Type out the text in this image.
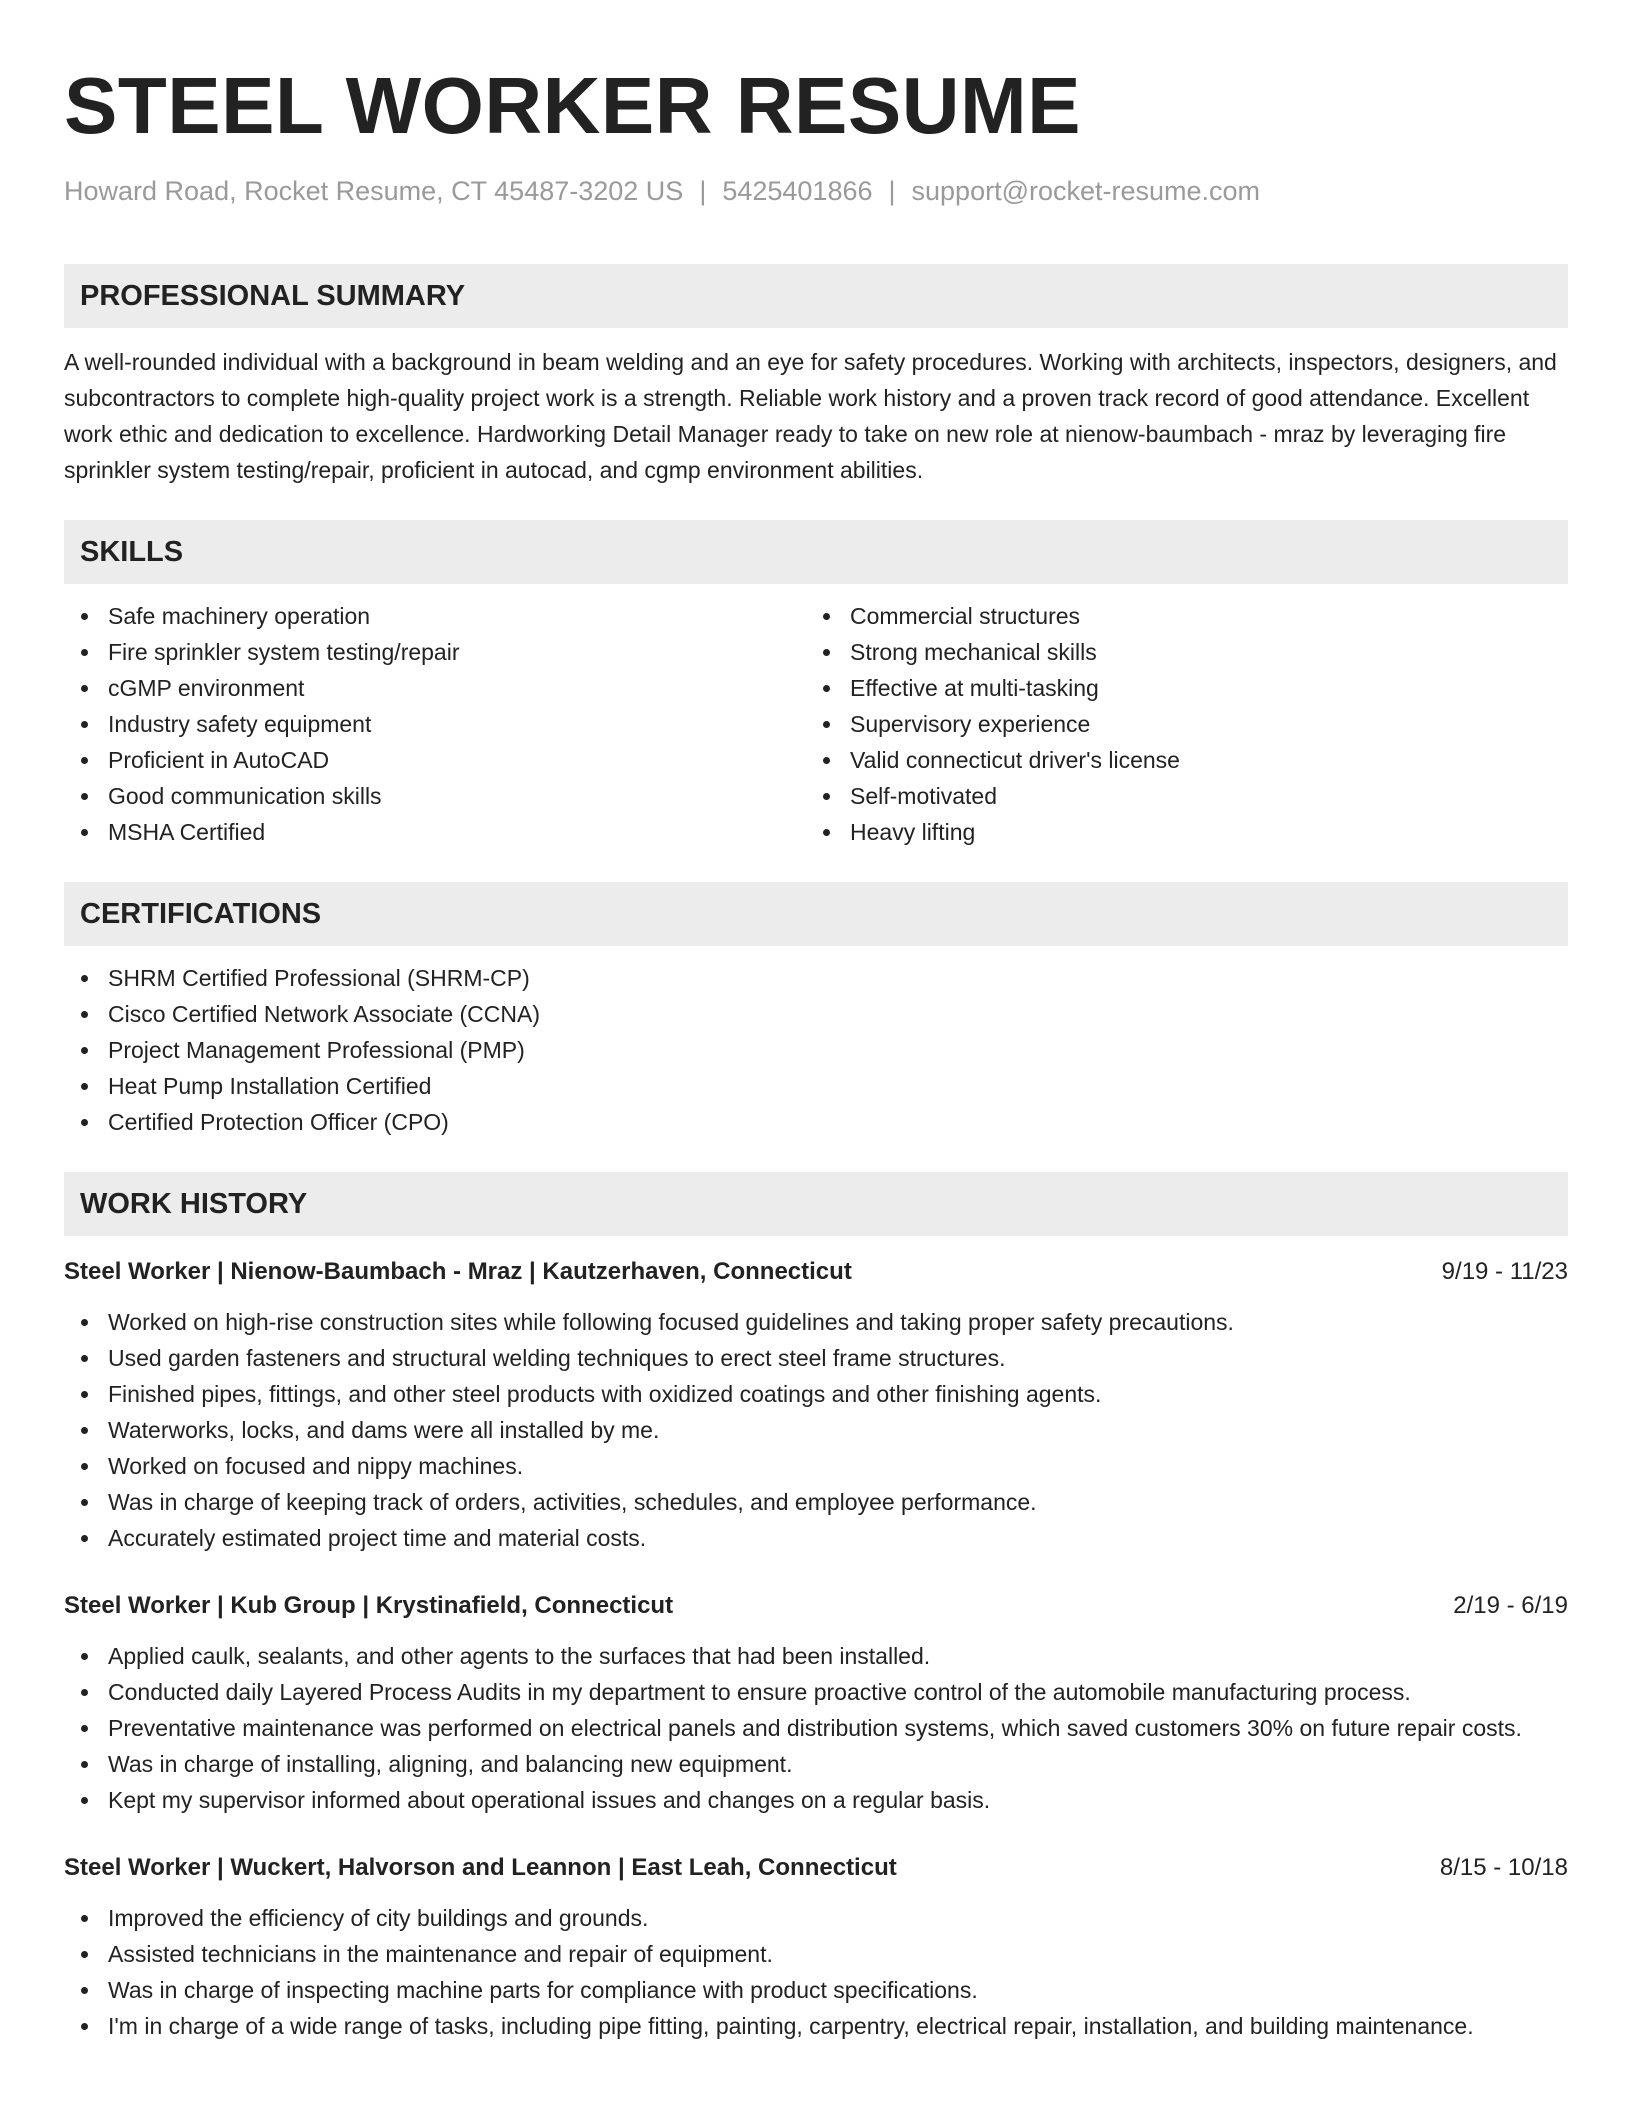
STEEL WORKER RESUME
Howard Road, Rocket Resume, CT 45487-3202 US | 5425401866 | support@rocket-resume.com
PROFESSIONAL SUMMARY

A well-rounded individual with a background in beam welding and an eye for safety procedures. Working with architects, inspectors, designers, and subcontractors to complete high-quality project work is a strength. Reliable work history and a proven track record of good attendance. Excellent work ethic and dedication to excellence. Hardworking Detail Manager ready to take on new role at nienow-baumbach - mraz by leveraging fire sprinkler system testing/repair, proficient in autocad, and cgmp environment abilities.

SKILLS
Safe machinery operation
Fire sprinkler system testing/repair
cGMP environment
Industry safety equipment
Proficient in AutoCAD
Good communication skills
MSHA Certified
Commercial structures
Strong mechanical skills
Effective at multi-tasking
Supervisory experience
Valid connecticut driver's license
Self-motivated
Heavy lifting
CERTIFICATIONS
SHRM Certified Professional (SHRM-CP)
Cisco Certified Network Associate (CCNA)
Project Management Professional (PMP)
Heat Pump Installation Certified
Certified Protection Officer (CPO)
WORK HISTORY
Steel Worker | Nienow-Baumbach - Mraz | Kautzerhaven, Connecticut	9/19 - 11/23
Worked on high-rise construction sites while following focused guidelines and taking proper safety precautions.
Used garden fasteners and structural welding techniques to erect steel frame structures.
Finished pipes, fittings, and other steel products with oxidized coatings and other finishing agents.
Waterworks, locks, and dams were all installed by me.
Worked on focused and nippy machines.
Was in charge of keeping track of orders, activities, schedules, and employee performance.
Accurately estimated project time and material costs.
Steel Worker | Kub Group | Krystinafield, Connecticut	2/19 - 6/19
Applied caulk, sealants, and other agents to the surfaces that had been installed.
Conducted daily Layered Process Audits in my department to ensure proactive control of the automobile manufacturing process.
Preventative maintenance was performed on electrical panels and distribution systems, which saved customers 30% on future repair costs.
Was in charge of installing, aligning, and balancing new equipment.
Kept my supervisor informed about operational issues and changes on a regular basis.
Steel Worker | Wuckert, Halvorson and Leannon | East Leah, Connecticut	8/15 - 10/18
Improved the efficiency of city buildings and grounds.
Assisted technicians in the maintenance and repair of equipment.
Was in charge of inspecting machine parts for compliance with product specifications.
I'm in charge of a wide range of tasks, including pipe fitting, painting, carpentry, electrical repair, installation, and building maintenance.
